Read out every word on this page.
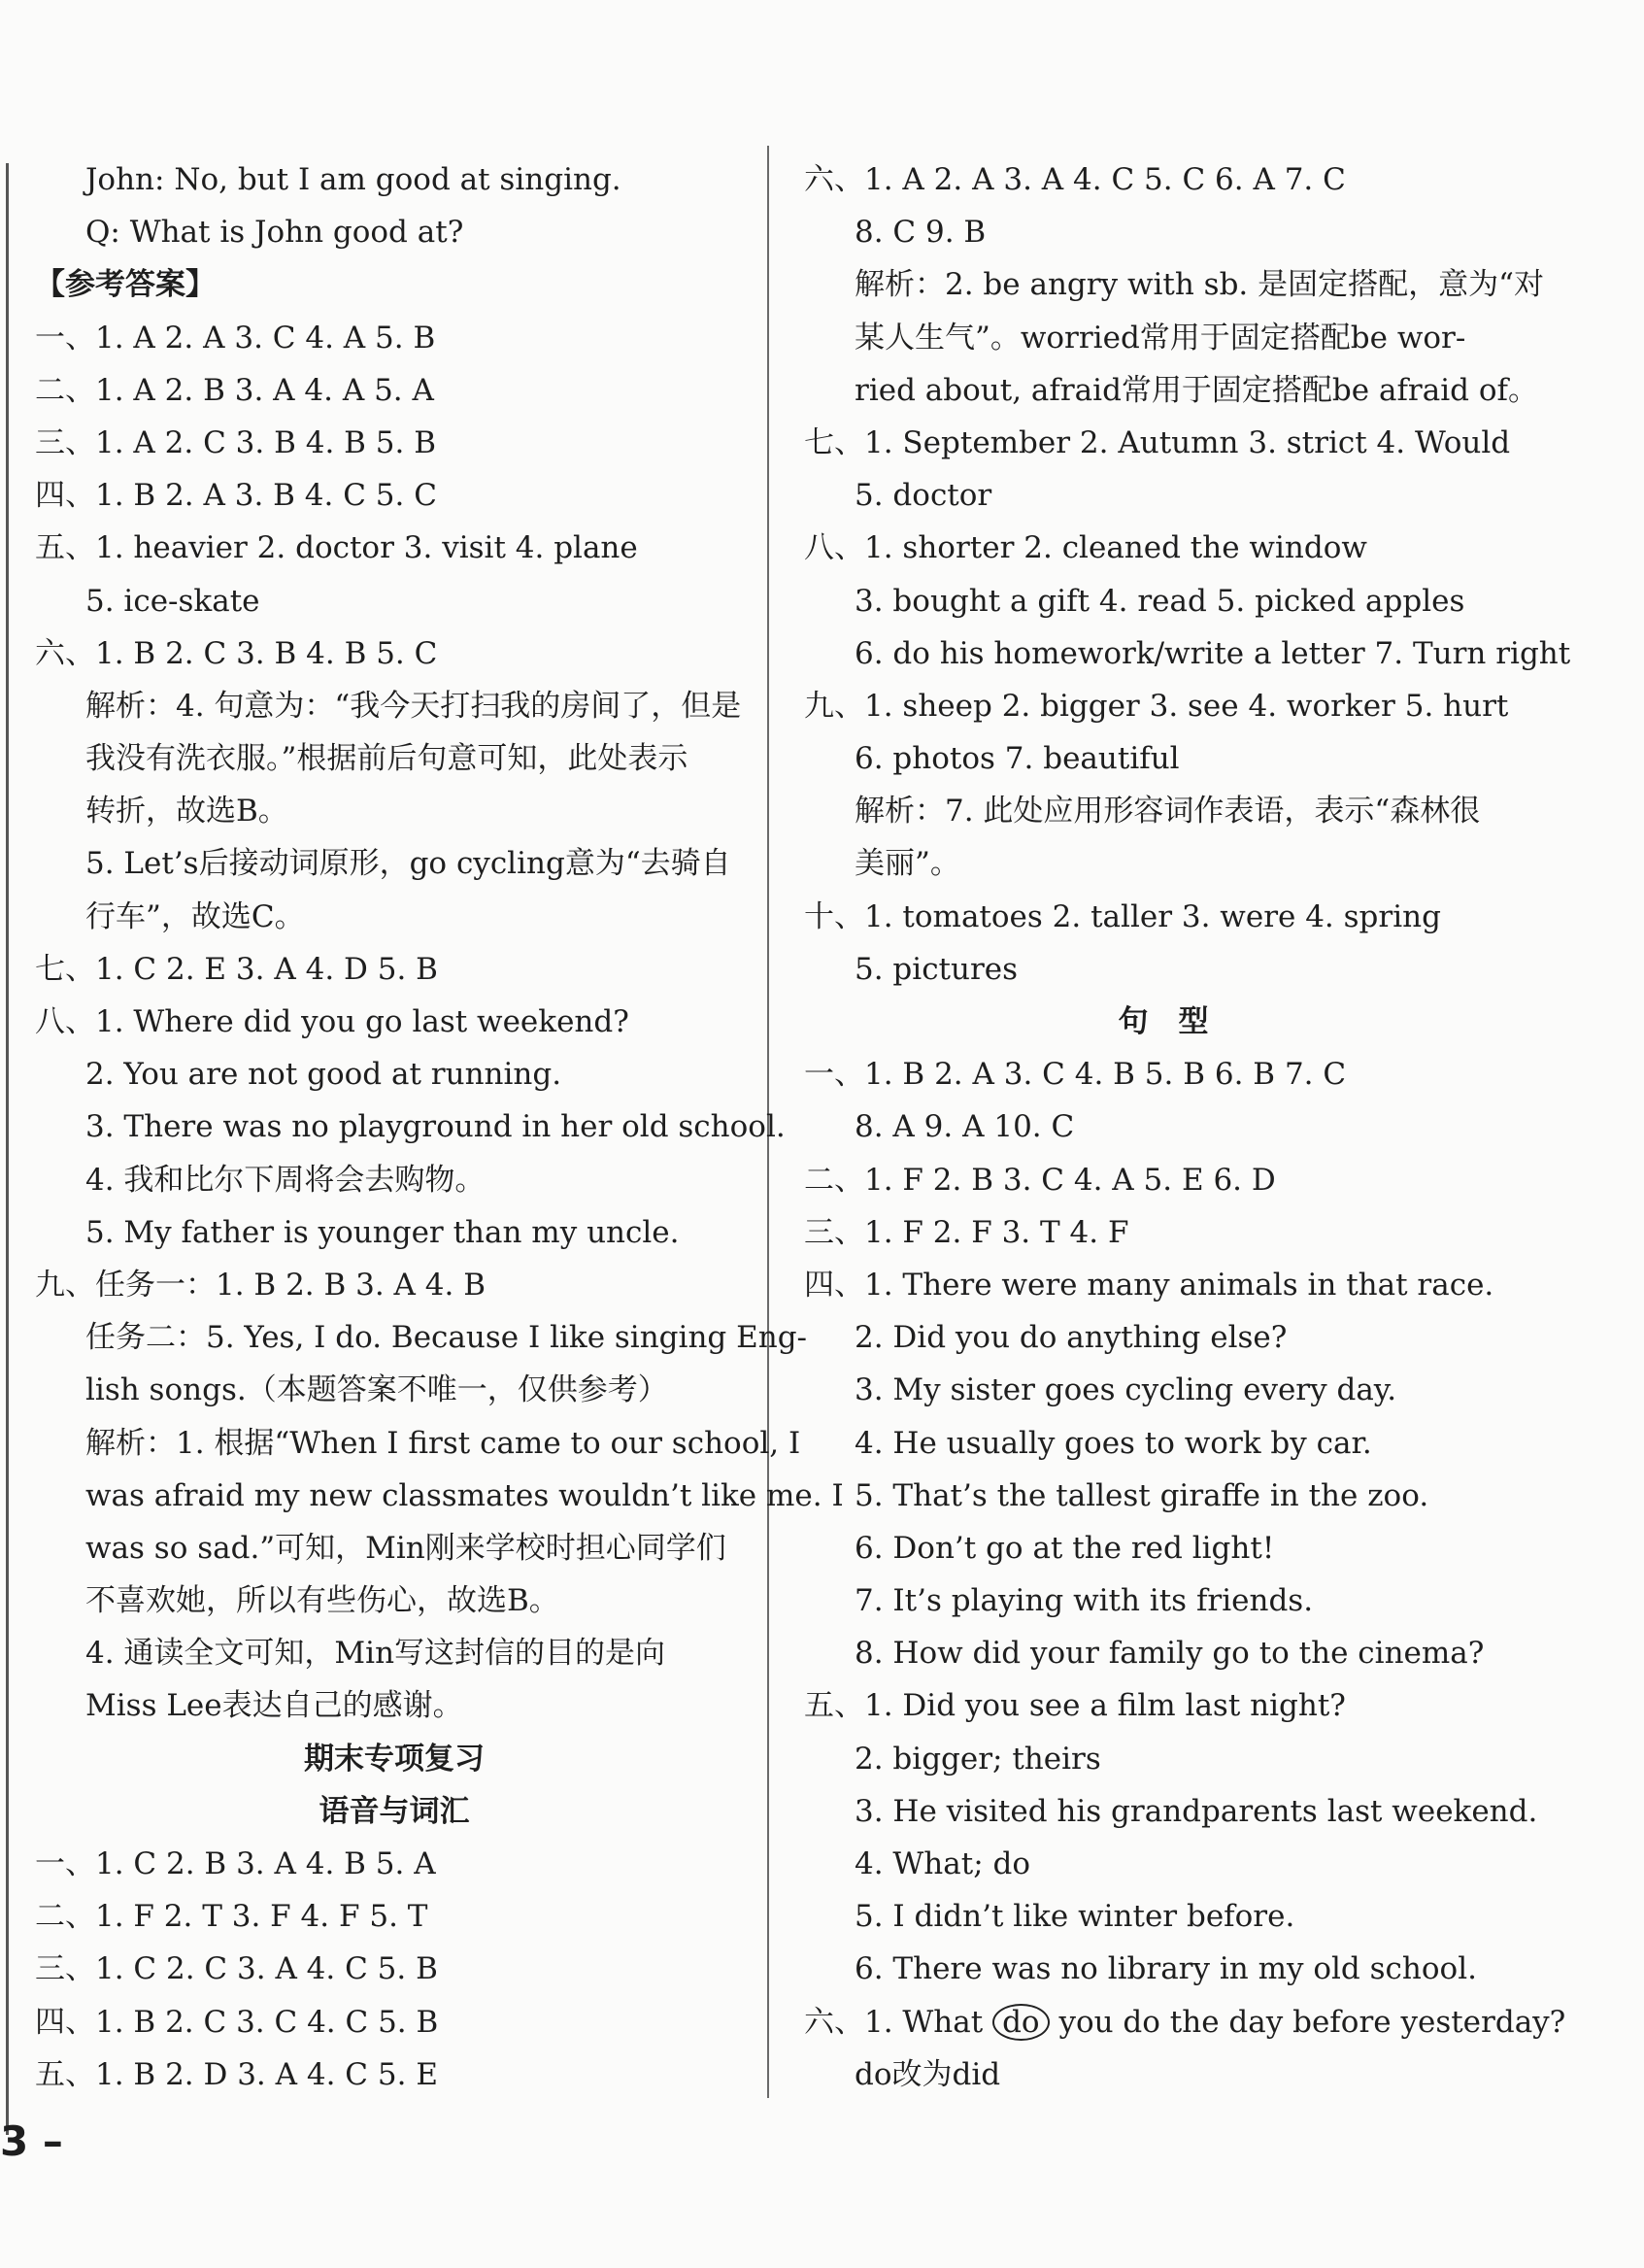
John: No, but I am good at singing.
Q: What is John good at?
【参考答案】
一、1. A 2. A 3. C 4. A 5. B
二、1. A 2. B 3. A 4. A 5. A
三、1. A 2. C 3. B 4. B 5. B
四、1. B 2. A 3. B 4. C 5. C
五、1. heavier 2. doctor 3. visit 4. plane
5. ice-skate
六、1. B 2. C 3. B 4. B 5. C
解析：4. 句意为：“我今天打扫我的房间了，但是
我没有洗衣服。”根据前后句意可知，此处表示
转折，故选B。
5. Let’s后接动词原形，go cycling意为“去骑自
行车”，故选C。
七、1. C 2. E 3. A 4. D 5. B
八、1. Where did you go last weekend?
2. You are not good at running.
3. There was no playground in her old school.
4. 我和比尔下周将会去购物。
5. My father is younger than my uncle.
九、任务一：1. B 2. B 3. A 4. B
任务二：5. Yes, I do. Because I like singing Eng-
lish songs.（本题答案不唯一，仅供参考）
解析：1. 根据“When I first came to our school, I
was afraid my new classmates wouldn’t like me. I
was so sad.”可知，Min刚来学校时担心同学们
不喜欢她，所以有些伤心，故选B。
4. 通读全文可知，Min写这封信的目的是向
Miss Lee表达自己的感谢。
期末专项复习
语音与词汇
一、1. C 2. B 3. A 4. B 5. A
二、1. F 2. T 3. F 4. F 5. T
三、1. C 2. C 3. A 4. C 5. B
四、1. B 2. C 3. C 4. C 5. B
五、1. B 2. D 3. A 4. C 5. E
六、1. A 2. A 3. A 4. C 5. C 6. A 7. C
8. C 9. B
解析：2. be angry with sb. 是固定搭配，意为“对
某人生气”。worried常用于固定搭配be wor-
ried about, afraid常用于固定搭配be afraid of。
七、1. September 2. Autumn 3. strict 4. Would
5. doctor
八、1. shorter 2. cleaned the window
3. bought a gift 4. read 5. picked apples
6. do his homework/write a letter 7. Turn right
九、1. sheep 2. bigger 3. see 4. worker 5. hurt
6. photos 7. beautiful
解析：7. 此处应用形容词作表语，表示“森林很
美丽”。
十、1. tomatoes 2. taller 3. were 4. spring
5. pictures
句　型
一、1. B 2. A 3. C 4. B 5. B 6. B 7. C
8. A 9. A 10. C
二、1. F 2. B 3. C 4. A 5. E 6. D
三、1. F 2. F 3. T 4. F
四、1. There were many animals in that race.
2. Did you do anything else?
3. My sister goes cycling every day.
4. He usually goes to work by car.
5. That’s the tallest giraffe in the zoo.
6. Don’t go at the red light!
7. It’s playing with its friends.
8. How did your family go to the cinema?
五、1. Did you see a film last night?
2. bigger; theirs
3. He visited his grandparents last weekend.
4. What; do
5. I didn’t like winter before.
6. There was no library in my old school.
六、1. What do you do the day before yesterday?
do改为did
3 –
